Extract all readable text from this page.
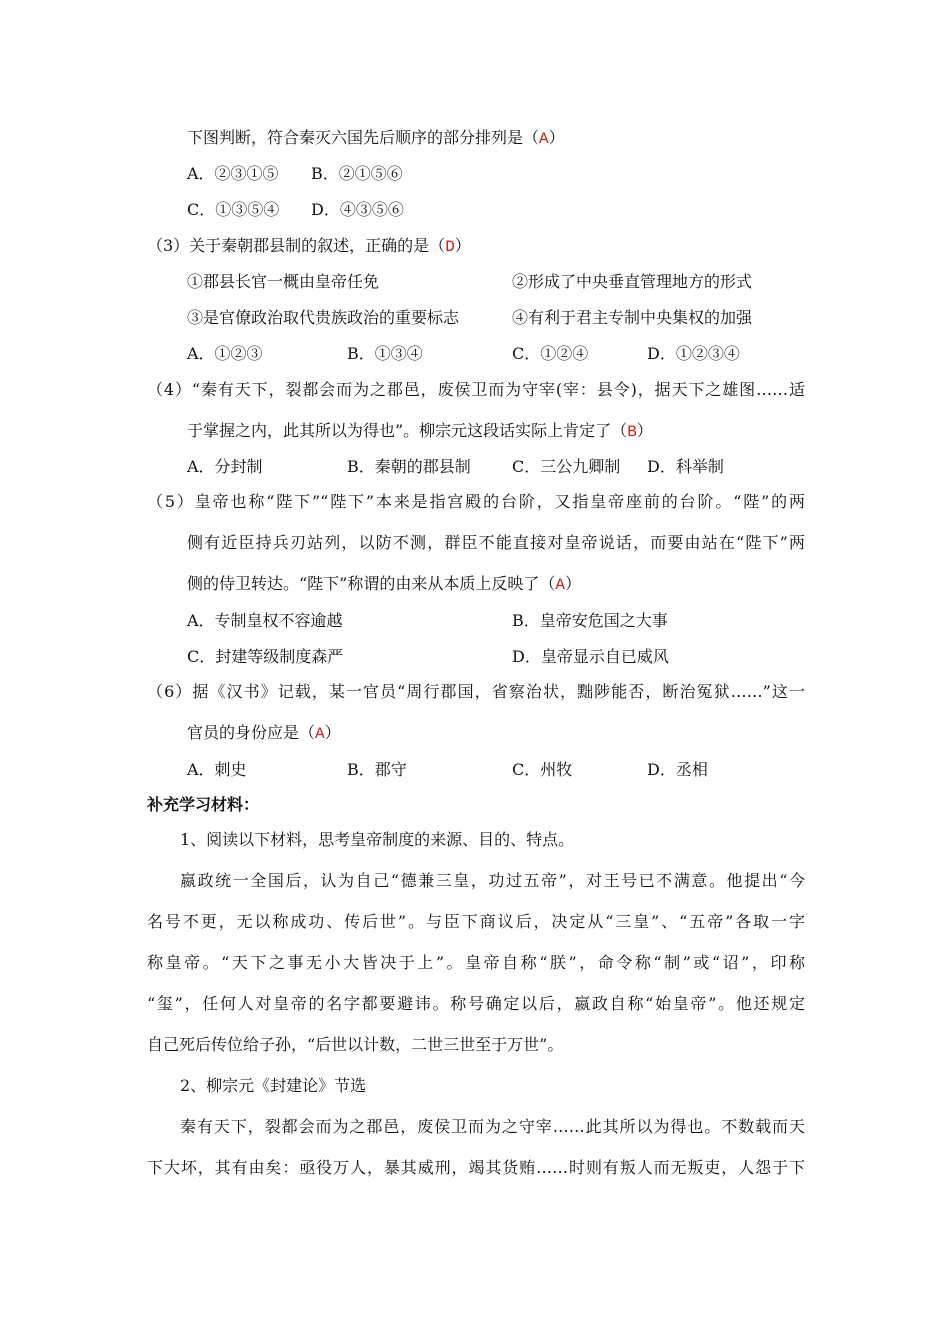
下图判断，符合秦灭六国先后顺序的部分排列是（A）
A．②③①⑤ B．②①⑤⑥
C．①③⑤④ D．④③⑤⑥
（3）关于秦朝郡县制的叙述，正确的是（D）
①郡县长官一概由皇帝任免	②形成了中央垂直管理地方的形式
③是官僚政治取代贵族政治的重要标志	④有利于君主专制中央集权的加强
A．①②③	B．①③④	C．①②④	D．①②③④
（4）“秦有天下，裂都会而为之郡邑，废侯卫而为守宰(宰：县令)，据天下之雄图……适
于掌握之内，此其所以为得也”。柳宗元这段话实际上肯定了（B）
A．分封制	B．秦朝的郡县制	C．三公九卿制 D．科举制
（5）皇帝也称“陛下”“陛下”本来是指宫殿的台阶，又指皇帝座前的台阶。“陛”的两
侧有近臣持兵刃站列，以防不测，群臣不能直接对皇帝说话，而要由站在“陛下”两
侧的侍卫转达。“陛下”称谓的由来从本质上反映了（A）
A．专制皇权不容逾越	B．皇帝安危国之大事
C．封建等级制度森严	D．皇帝显示自已威风
（6）据《汉书》记载，某一官员“周行郡国，省察治状，黜陟能否，断治冤狱……”这一
官员的身份应是（A）
A．刺史	B．郡守	C．州牧	D．丞相
补充学习材料：
1、阅读以下材料，思考皇帝制度的来源、目的、特点。
嬴政统一全国后，认为自己“德兼三皇，功过五帝”，对王号已不满意。他提出“今
名号不更，无以称成功、传后世”。与臣下商议后，决定从“三皇”、“五帝”各取一字
称皇帝。“天下之事无小大皆决于上”。皇帝自称“朕”，命令称“制”或“诏”，印称
“玺”，任何人对皇帝的名字都要避讳。称号确定以后，嬴政自称“始皇帝”。他还规定
自己死后传位给子孙，“后世以计数，二世三世至于万世”。
2、柳宗元《封建论》节选
秦有天下，裂都会而为之郡邑，废侯卫而为之守宰……此其所以为得也。不数载而天
下大坏，其有由矣：亟役万人，暴其威刑，竭其货贿……时则有叛人而无叛吏，人怨于下
